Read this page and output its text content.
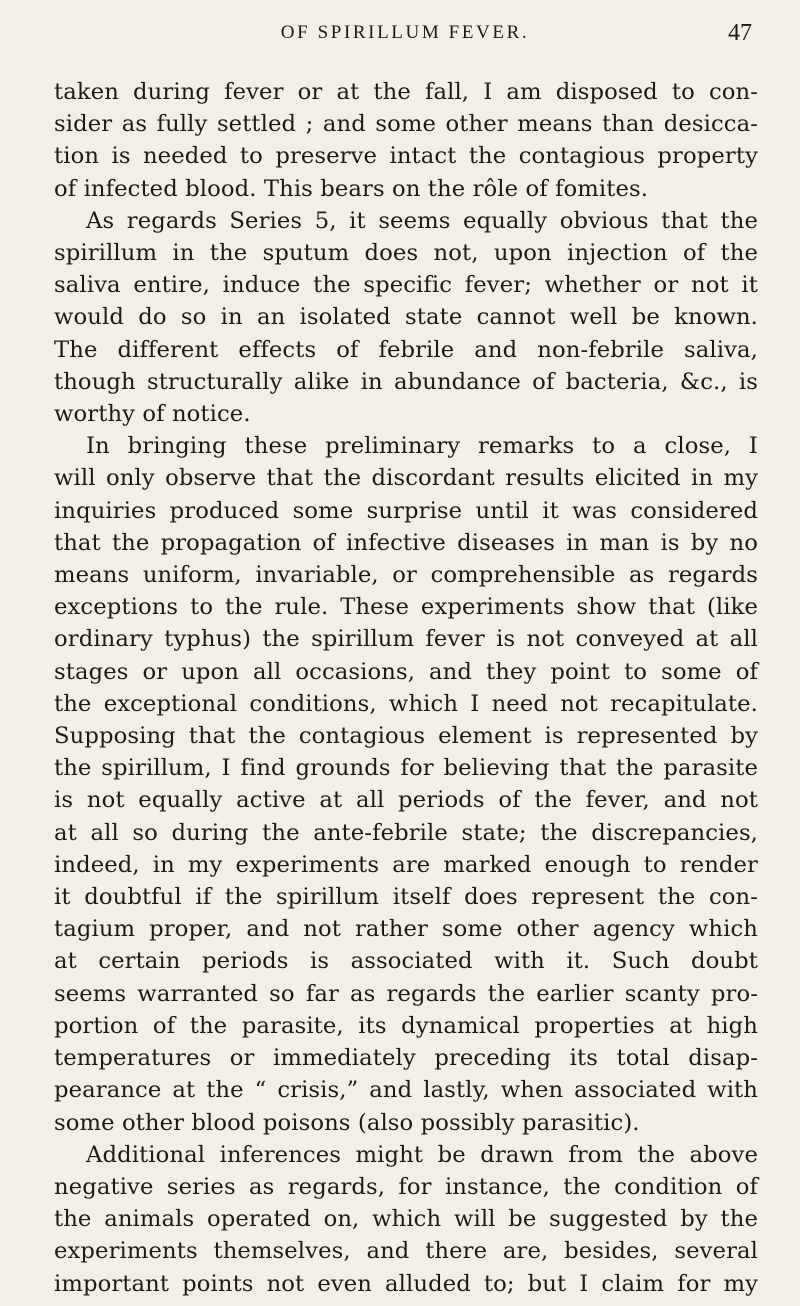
OF SPIRILLUM FEVER.	47
taken during fever or at the fall, I am disposed to con-
sider as fully settled ; and some other means than desicca-
tion is needed to preserve intact the contagious property
of infected blood. This bears on the rôle of fomites.
As regards Series 5, it seems equally obvious that the
spirillum in the sputum does not, upon injection of the
saliva entire, induce the specific fever; whether or not it
would do so in an isolated state cannot well be known.
The different effects of febrile and non-febrile saliva,
though structurally alike in abundance of bacteria, &c., is
worthy of notice.
In bringing these preliminary remarks to a close, I
will only observe that the discordant results elicited in my
inquiries produced some surprise until it was considered
that the propagation of infective diseases in man is by no
means uniform, invariable, or comprehensible as regards
exceptions to the rule. These experiments show that (like
ordinary typhus) the spirillum fever is not conveyed at all
stages or upon all occasions, and they point to some of
the exceptional conditions, which I need not recapitulate.
Supposing that the contagious element is represented by
the spirillum, I find grounds for believing that the parasite
is not equally active at all periods of the fever, and not
at all so during the ante-febrile state; the discrepancies,
indeed, in my experiments are marked enough to render
it doubtful if the spirillum itself does represent the con-
tagium proper, and not rather some other agency which
at certain periods is associated with it. Such doubt
seems warranted so far as regards the earlier scanty pro-
portion of the parasite, its dynamical properties at high
temperatures or immediately preceding its total disap-
pearance at the “ crisis,” and lastly, when associated with
some other blood poisons (also possibly parasitic).
Additional inferences might be drawn from the above
negative series as regards, for instance, the condition of
the animals operated on, which will be suggested by the
experiments themselves, and there are, besides, several
important points not even alluded to; but I claim for my
